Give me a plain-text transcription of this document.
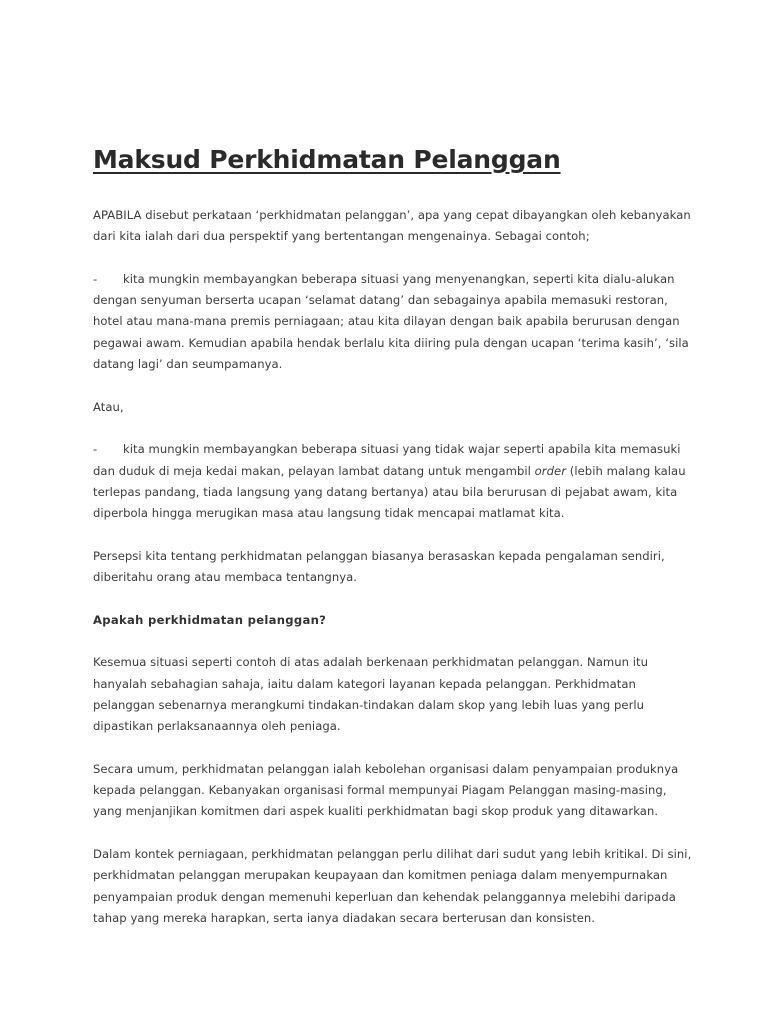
Maksud Perkhidmatan Pelanggan

APABILA disebut perkataan ‘perkhidmatan pelanggan’, apa yang cepat dibayangkan oleh kebanyakan dari kita ialah dari dua perspektif yang bertentangan mengenainya. Sebagai contoh;

- kita mungkin membayangkan beberapa situasi yang menyenangkan, seperti kita dialu-alukan dengan senyuman berserta ucapan ‘selamat datang’ dan sebagainya apabila memasuki restoran, hotel atau mana-mana premis perniagaan; atau kita dilayan dengan baik apabila berurusan dengan pegawai awam. Kemudian apabila hendak berlalu kita diiring pula dengan ucapan ‘terima kasih’, ‘sila datang lagi’ dan seumpamanya.

Atau,

- kita mungkin membayangkan beberapa situasi yang tidak wajar seperti apabila kita memasuki dan duduk di meja kedai makan, pelayan lambat datang untuk mengambil order (lebih malang kalau terlepas pandang, tiada langsung yang datang bertanya) atau bila berurusan di pejabat awam, kita diperbola hingga merugikan masa atau langsung tidak mencapai matlamat kita.

Persepsi kita tentang perkhidmatan pelanggan biasanya berasaskan kepada pengalaman sendiri, diberitahu orang atau membaca tentangnya.

Apakah perkhidmatan pelanggan?

Kesemua situasi seperti contoh di atas adalah berkenaan perkhidmatan pelanggan. Namun itu hanyalah sebahagian sahaja, iaitu dalam kategori layanan kepada pelanggan. Perkhidmatan pelanggan sebenarnya merangkumi tindakan-tindakan dalam skop yang lebih luas yang perlu dipastikan perlaksanaannya oleh peniaga.

Secara umum, perkhidmatan pelanggan ialah kebolehan organisasi dalam penyampaian produknya kepada pelanggan. Kebanyakan organisasi formal mempunyai Piagam Pelanggan masing-masing, yang menjanjikan komitmen dari aspek kualiti perkhidmatan bagi skop produk yang ditawarkan.

Dalam kontek perniagaan, perkhidmatan pelanggan perlu dilihat dari sudut yang lebih kritikal. Di sini, perkhidmatan pelanggan merupakan keupayaan dan komitmen peniaga dalam menyempurnakan penyampaian produk dengan memenuhi keperluan dan kehendak pelanggannya melebihi daripada tahap yang mereka harapkan, serta ianya diadakan secara berterusan dan konsisten.
